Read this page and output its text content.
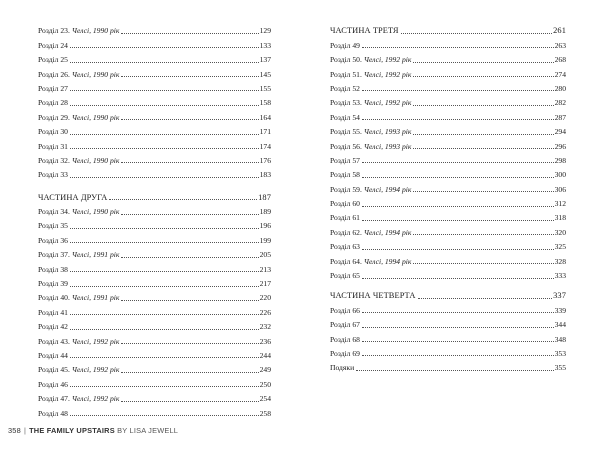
Розділ 23. Челсі, 1990 рік	129
Розділ 24	133
Розділ 25	137
Розділ 26. Челсі, 1990 рік	145
Розділ 27	155
Розділ 28	158
Розділ 29. Челсі, 1990 рік	164
Розділ 30	171
Розділ 31	174
Розділ 32. Челсі, 1990 рік	176
Розділ 33	183
ЧАСТИНА ДРУГА	187
Розділ 34. Челсі, 1990 рік	189
Розділ 35	196
Розділ 36	199
Розділ 37. Челсі, 1991 рік	205
Розділ 38	213
Розділ 39	217
Розділ 40. Челсі, 1991 рік	220
Розділ 41	226
Розділ 42	232
Розділ 43. Челсі, 1992 рік	236
Розділ 44	244
Розділ 45. Челсі, 1992 рік	249
Розділ 46	250
Розділ 47. Челсі, 1992 рік	254
Розділ 48	258
ЧАСТИНА ТРЕТЯ	261
Розділ 49	263
Розділ 50. Челсі, 1992 рік	268
Розділ 51. Челсі, 1992 рік	274
Розділ 52	280
Розділ 53. Челсі, 1992 рік	282
Розділ 54	287
Розділ 55. Челсі, 1993 рік	294
Розділ 56. Челсі, 1993 рік	296
Розділ 57	298
Розділ 58	300
Розділ 59. Челсі, 1994 рік	306
Розділ 60	312
Розділ 61	318
Розділ 62. Челсі, 1994 рік	320
Розділ 63	325
Розділ 64. Челсі, 1994 рік	328
Розділ 65	333
ЧАСТИНА ЧЕТВЕРТА	337
Розділ 66	339
Розділ 67	344
Розділ 68	348
Розділ 69	353
Подяки	355
358 | THE FAMILY UPSTAIRS BY LISA JEWELL
